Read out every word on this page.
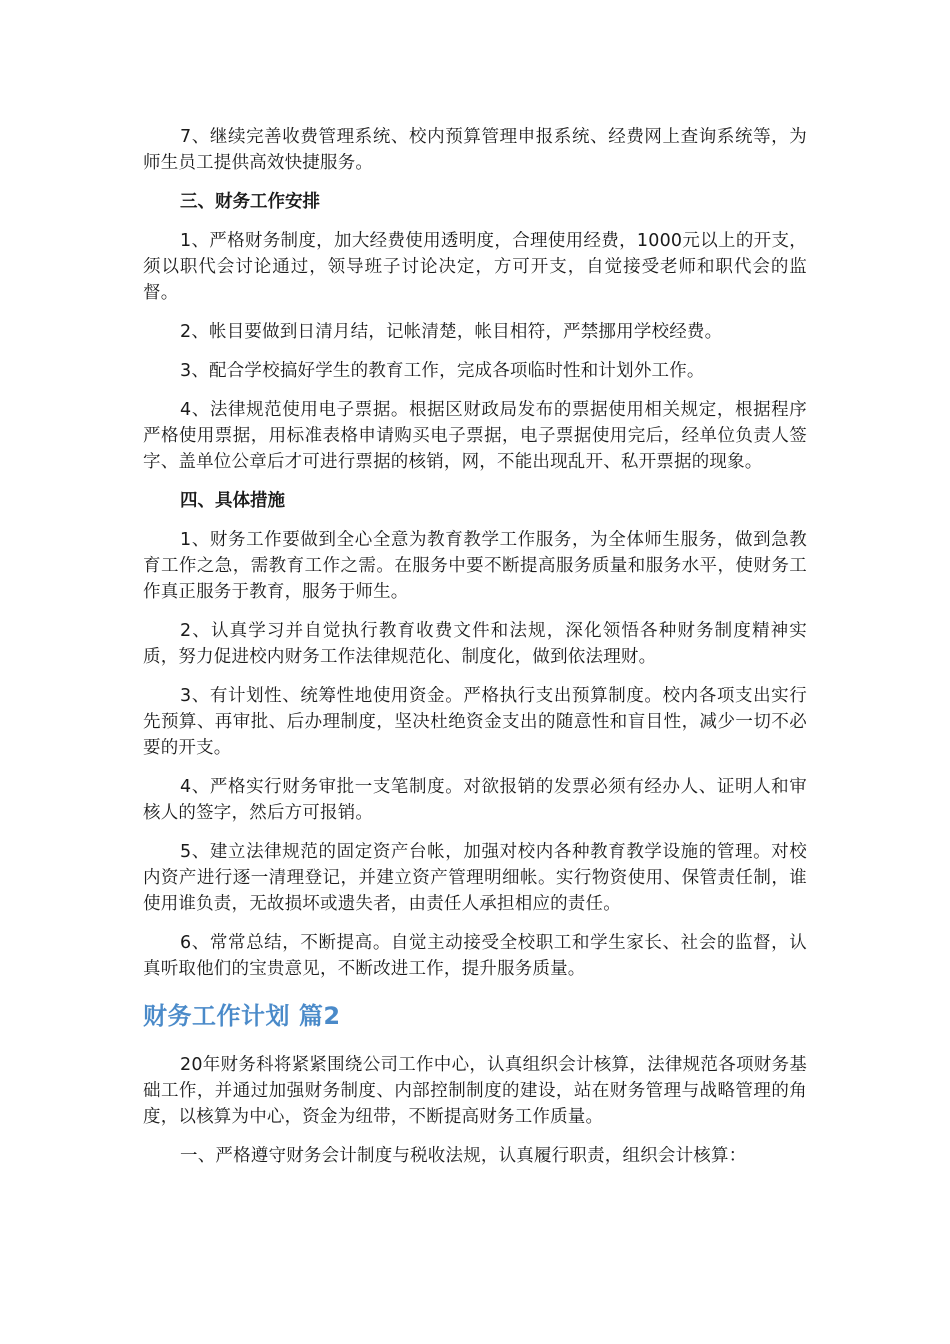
7、继续完善收费管理系统、校内预算管理申报系统、经费网上查询系统等，为师生员工提供高效快捷服务。

三、财务工作安排

1、严格财务制度，加大经费使用透明度，合理使用经费，1000元以上的开支，须以职代会讨论通过，领导班子讨论决定，方可开支，自觉接受老师和职代会的监督。

2、帐目要做到日清月结，记帐清楚，帐目相符，严禁挪用学校经费。

3、配合学校搞好学生的教育工作，完成各项临时性和计划外工作。

4、法律规范使用电子票据。根据区财政局发布的票据使用相关规定，根据程序严格使用票据，用标准表格申请购买电子票据，电子票据使用完后，经单位负责人签字、盖单位公章后才可进行票据的核销，网，不能出现乱开、私开票据的现象。

四、具体措施

1、财务工作要做到全心全意为教育教学工作服务，为全体师生服务，做到急教育工作之急，需教育工作之需。在服务中要不断提高服务质量和服务水平，使财务工作真正服务于教育，服务于师生。

2、认真学习并自觉执行教育收费文件和法规，深化领悟各种财务制度精神实质，努力促进校内财务工作法律规范化、制度化，做到依法理财。

3、有计划性、统筹性地使用资金。严格执行支出预算制度。校内各项支出实行先预算、再审批、后办理制度，坚决杜绝资金支出的随意性和盲目性，减少一切不必要的开支。

4、严格实行财务审批一支笔制度。对欲报销的发票必须有经办人、证明人和审核人的签字，然后方可报销。

5、建立法律规范的固定资产台帐，加强对校内各种教育教学设施的管理。对校内资产进行逐一清理登记，并建立资产管理明细帐。实行物资使用、保管责任制，谁使用谁负责，无故损坏或遗失者，由责任人承担相应的责任。

6、常常总结，不断提高。自觉主动接受全校职工和学生家长、社会的监督，认真听取他们的宝贵意见，不断改进工作，提升服务质量。

财务工作计划 篇2

20年财务科将紧紧围绕公司工作中心，认真组织会计核算，法律规范各项财务基础工作，并通过加强财务制度、内部控制制度的建设，站在财务管理与战略管理的角度，以核算为中心，资金为纽带，不断提高财务工作质量。

一、严格遵守财务会计制度与税收法规，认真履行职责，组织会计核算：
